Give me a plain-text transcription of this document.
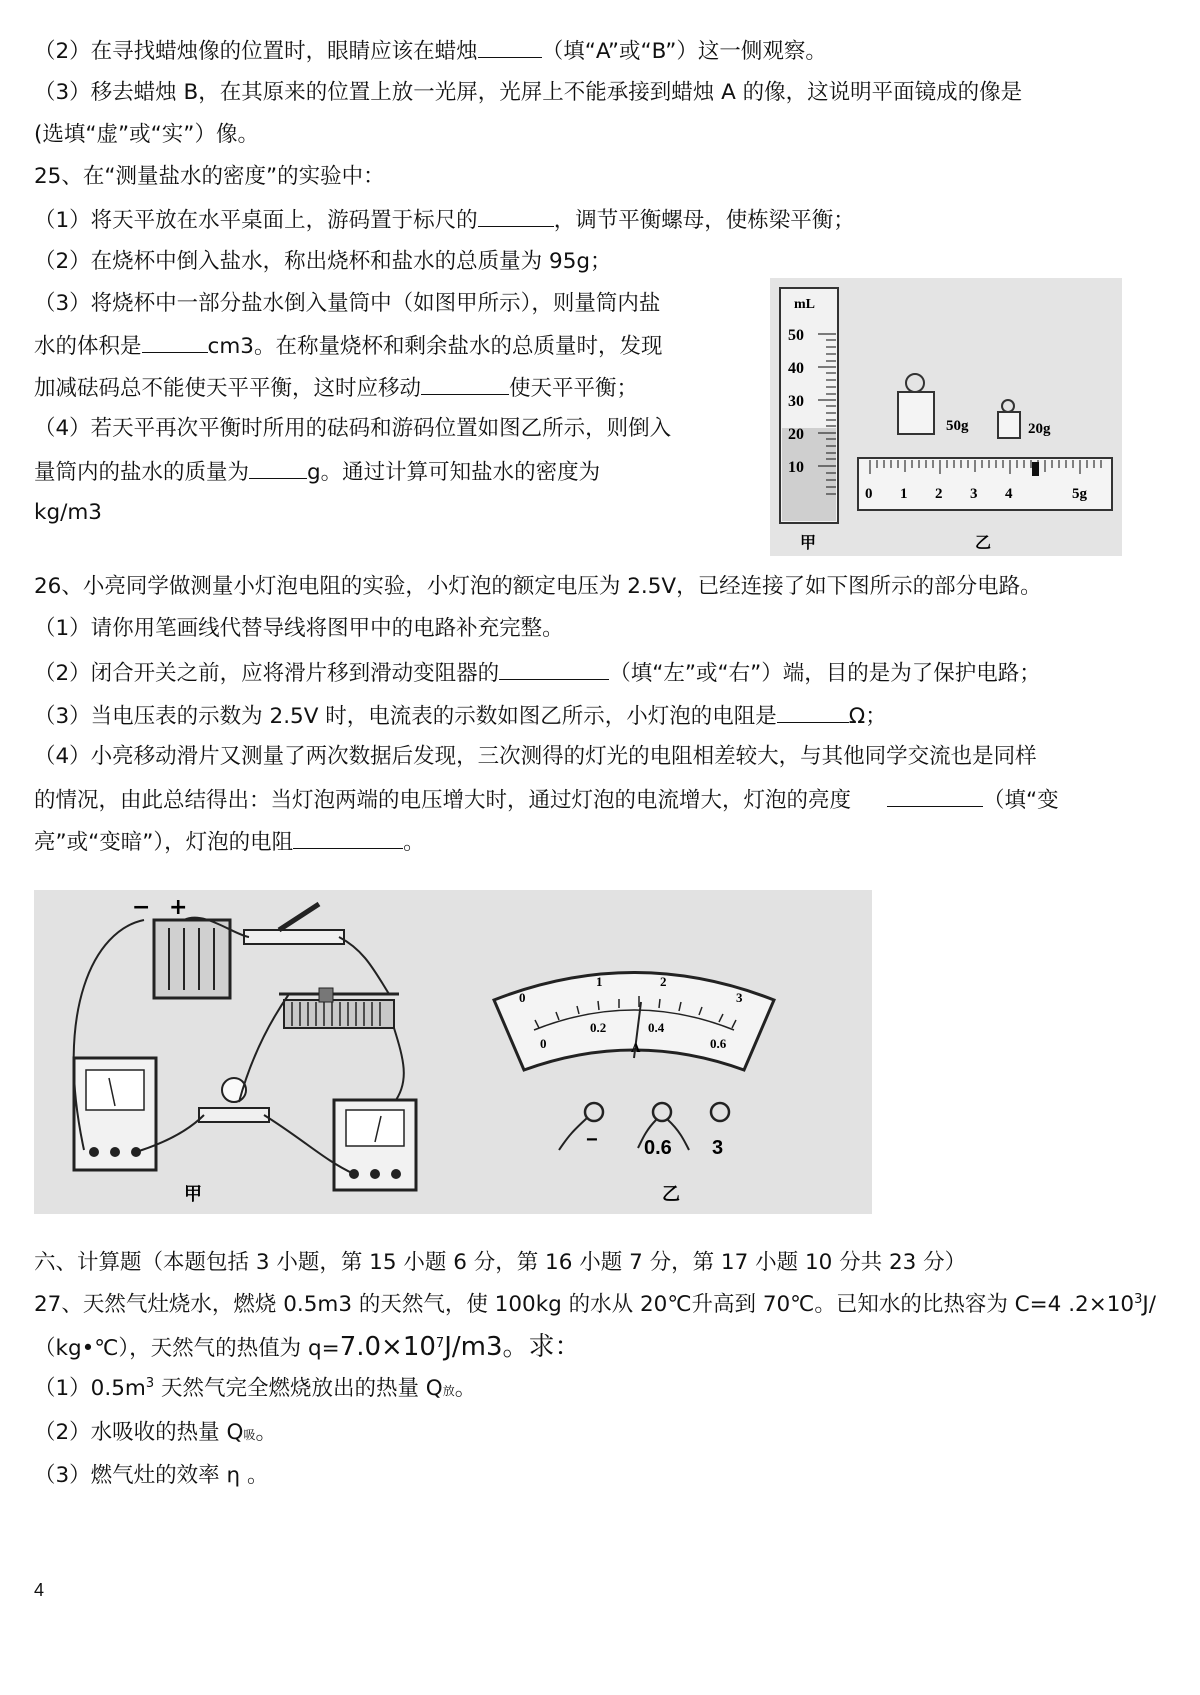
（2）在寻找蜡烛像的位置时，眼睛应该在蜡烛	（填“A”或“B”）这一侧观察。
（3）移去蜡烛 B，在其原来的位置上放一光屏，光屏上不能承接到蜡烛 A 的像，这说明平面镜成的像是
(选填“虚”或“实”）像。
25、在“测量盐水的密度”的实验中：
（1）将天平放在水平桌面上，游码置于标尺的	，调节平衡螺母，使栋梁平衡；
（2）在烧杯中倒入盐水，称出烧杯和盐水的总质量为 95g；
（3）将烧杯中一部分盐水倒入量筒中（如图甲所示），则量筒内盐
水的体积是	cm3。在称量烧杯和剩余盐水的总质量时，发现
加减砝码总不能使天平平衡，这时应移动	使天平平衡；
（4）若天平再次平衡时所用的砝码和游码位置如图乙所示，则倒入
量筒内的盐水的质量为	g。通过计算可知盐水的密度为
kg/m3
mL
50
40
30
20
10
甲
50g	20g
0 1 2 3 4	5g
乙
26、小亮同学做测量小灯泡电阻的实验，小灯泡的额定电压为 2.5V，已经连接了如下图所示的部分电路。
（1）请你用笔画线代替导线将图甲中的电路补充完整。
（2）闭合开关之前，应将滑片移到滑动变阻器的	（填“左”或“右”）端，目的是为了保护电路；
（3）当电压表的示数为 2.5V 时，电流表的示数如图乙所示，小灯泡的电阻是	Ω；
（4）小亮移动滑片又测量了两次数据后发现，三次测得的灯光的电阻相差较大，与其他同学交流也是同样
的情况，由此总结得出：当灯泡两端的电压增大时，通过灯泡的电流增大，灯泡的亮度	（填“变
亮”或“变暗”），灯泡的电阻	。
− +
甲
0
1	2
3
0
0.2	0.4
0.6
A
− 0.6 3
乙
六、计算题（本题包括 3 小题，第 15 小题 6 分，第 16 小题 7 分，第 17 小题 10 分共 23 分）
27、天然气灶烧水，燃烧 0.5m3 的天然气，使 100kg 的水从 20℃升高到 70℃。已知水的比热容为 C=4 $.2\times 10^3J/$
（kg•℃），天然气的热值为 $q=7.0\times 10^7J/m3$。求：
$(1)0.5m^3$ 天然气完全燃烧放出的热量 Q放。
（2）水吸收的热量 Q吸。
（3）燃气灶的效率 η 。
4
